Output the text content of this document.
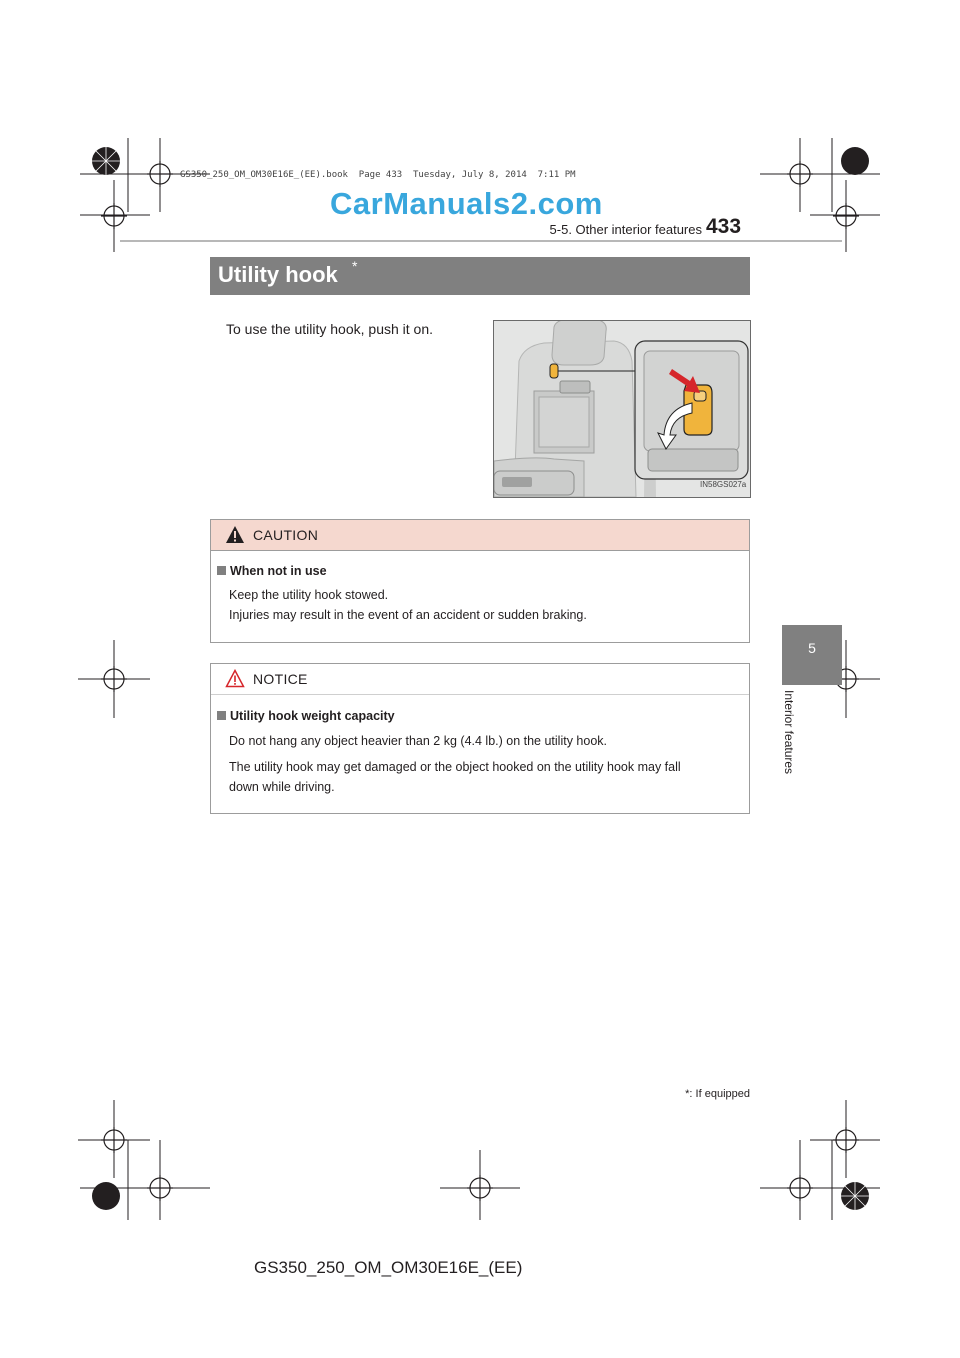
GS350_250_OM_OM30E16E_(EE).book  Page 433  Tuesday, July 8, 2014  7:11 PM
CarManuals2.com
5-5. Other interior features 433
5
Interior features
Utility hook *
To use the utility hook, push it on.
IN58GS027a
CAUTION
When not in use
Keep the utility hook stowed.
Injuries may result in the event of an accident or sudden braking.
NOTICE
Utility hook weight capacity
Do not hang any object heavier than 2 kg (4.4 lb.) on the utility hook.
The utility hook may get damaged or the object hooked on the utility hook may fall
down while driving.
*: If equipped
GS350_250_OM_OM30E16E_(EE)
